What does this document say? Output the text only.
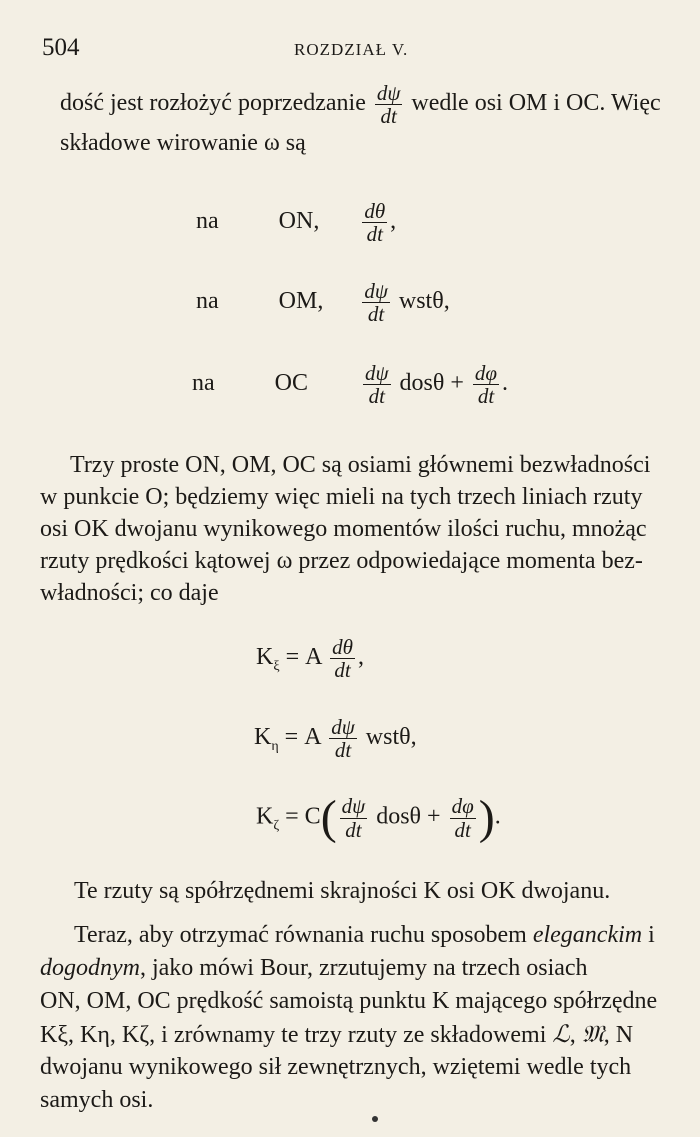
504	ROZDZIAŁ V.
dość jest rozłożyć poprzedzanie $\frac{d\psi}{dt}$ wedle osi OM i OC. Więc
składowe wirowanie ω są
na	ON, $\frac{d\theta}{dt}$ ,
na	OM, $\frac{d\psi}{dt} wst\theta$,
na	OC	$\frac{d\psi}{dt}$ $dos\theta + \frac{d\varphi}{dt}$ .
Trzy proste ON, OM, OC są osiami głównemi bezwładności
w punkcie O; będziemy więc mieli na tych trzech liniach rzuty
osi OK dwojanu wynikowego momentów ilości ruchu, mnożąc
rzuty prędkości kątowej ω przez odpowiedające momenta bez-
władności; co daje
$K_\xi = A \frac{d\theta}{dt}$ ,
$K_\eta = A \frac{d\psi}{dt} wst\theta$,
$K_\zeta = C( \frac{d\psi}{dt}$ $dos\theta + \frac{d\varphi}{dt}$ ).
Te rzuty są spółrzędnemi skrajności K osi OK dwojanu.
Teraz, aby otrzymać równania ruchu sposobem eleganckim i
dogodnym, jako mówi Bour, zrzutujemy na trzech osiach
ON, OM, OC prędkość samoistą punktu K mającego spółrzędne
Kξ, Kη, Kζ, i zrównamy te trzy rzuty ze składowemi ℒ, 𝔐, N
dwojanu wynikowego sił zewnętrznych, wziętemi wedle tych
samych osi.
